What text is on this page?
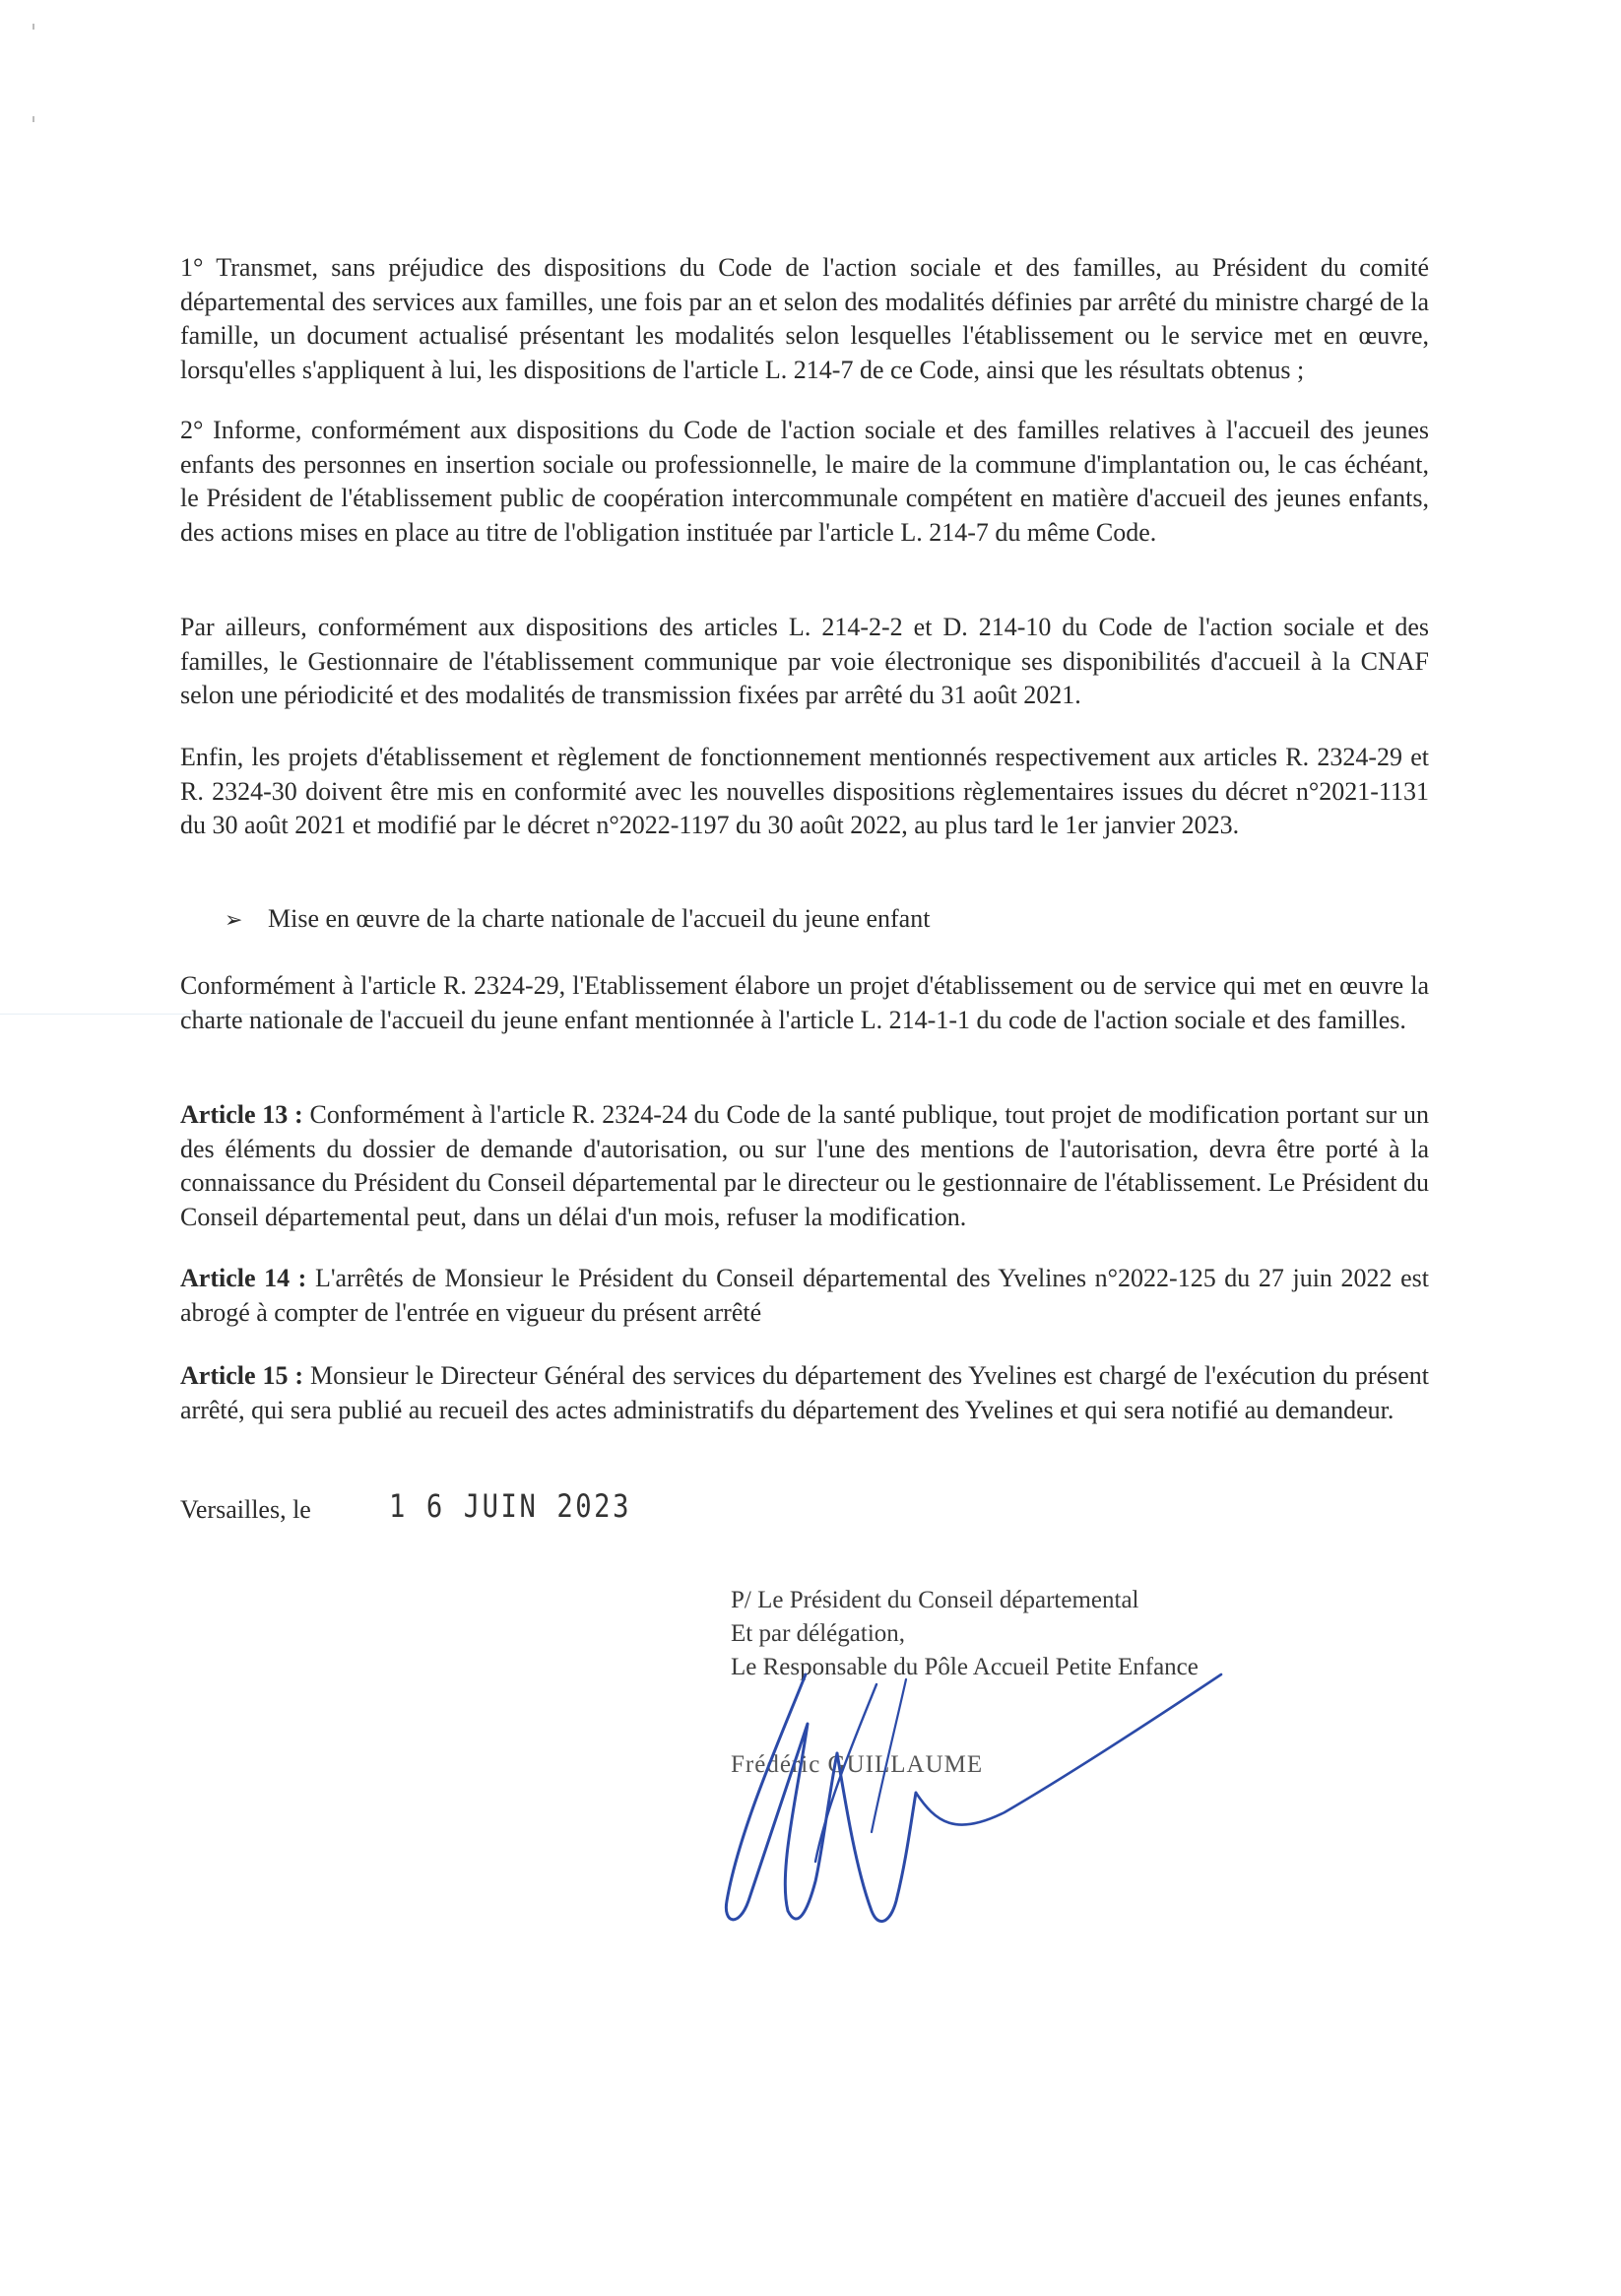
1° Transmet, sans préjudice des dispositions du Code de l'action sociale et des familles, au Président du comité départemental des services aux familles, une fois par an et selon des modalités définies par arrêté du ministre chargé de la famille, un document actualisé présentant les modalités selon lesquelles l'établissement ou le service met en œuvre, lorsqu'elles s'appliquent à lui, les dispositions de l'article L. 214-7 de ce Code, ainsi que les résultats obtenus ;

2° Informe, conformément aux dispositions du Code de l'action sociale et des familles relatives à l'accueil des jeunes enfants des personnes en insertion sociale ou professionnelle, le maire de la commune d'implantation ou, le cas échéant, le Président de l'établissement public de coopération intercommunale compétent en matière d'accueil des jeunes enfants, des actions mises en place au titre de l'obligation instituée par l'article L. 214-7 du même Code.

Par ailleurs, conformément aux dispositions des articles L. 214-2-2 et D. 214-10 du Code de l'action sociale et des familles, le Gestionnaire de l'établissement communique par voie électronique ses disponibilités d'accueil à la CNAF selon une périodicité et des modalités de transmission fixées par arrêté du 31 août 2021.

Enfin, les projets d'établissement et règlement de fonctionnement mentionnés respectivement aux articles R. 2324-29 et R. 2324-30 doivent être mis en conformité avec les nouvelles dispositions règlementaires issues du décret n°2021-1131 du 30 août 2021 et modifié par le décret n°2022-1197 du 30 août 2022, au plus tard le 1er janvier 2023.

➢ Mise en œuvre de la charte nationale de l'accueil du jeune enfant

Conformément à l'article R. 2324-29, l'Etablissement élabore un projet d'établissement ou de service qui met en œuvre la charte nationale de l'accueil du jeune enfant mentionnée à l'article L. 214-1-1 du code de l'action sociale et des familles.

Article 13 : Conformément à l'article R. 2324-24 du Code de la santé publique, tout projet de modification portant sur un des éléments du dossier de demande d'autorisation, ou sur l'une des mentions de l'autorisation, devra être porté à la connaissance du Président du Conseil départemental par le directeur ou le gestionnaire de l'établissement. Le Président du Conseil départemental peut, dans un délai d'un mois, refuser la modification.

Article 14 : L'arrêtés de Monsieur le Président du Conseil départemental des Yvelines n°2022-125 du 27 juin 2022 est abrogé à compter de l'entrée en vigueur du présent arrêté

Article 15 : Monsieur le Directeur Général des services du département des Yvelines est chargé de l'exécution du présent arrêté, qui sera publié au recueil des actes administratifs du département des Yvelines et qui sera notifié au demandeur.

Versailles, le 1 6 JUIN 2023
P/ Le Président du Conseil départemental
Et par délégation,
Le Responsable du Pôle Accueil Petite Enfance
Frédéric GUILLAUME
